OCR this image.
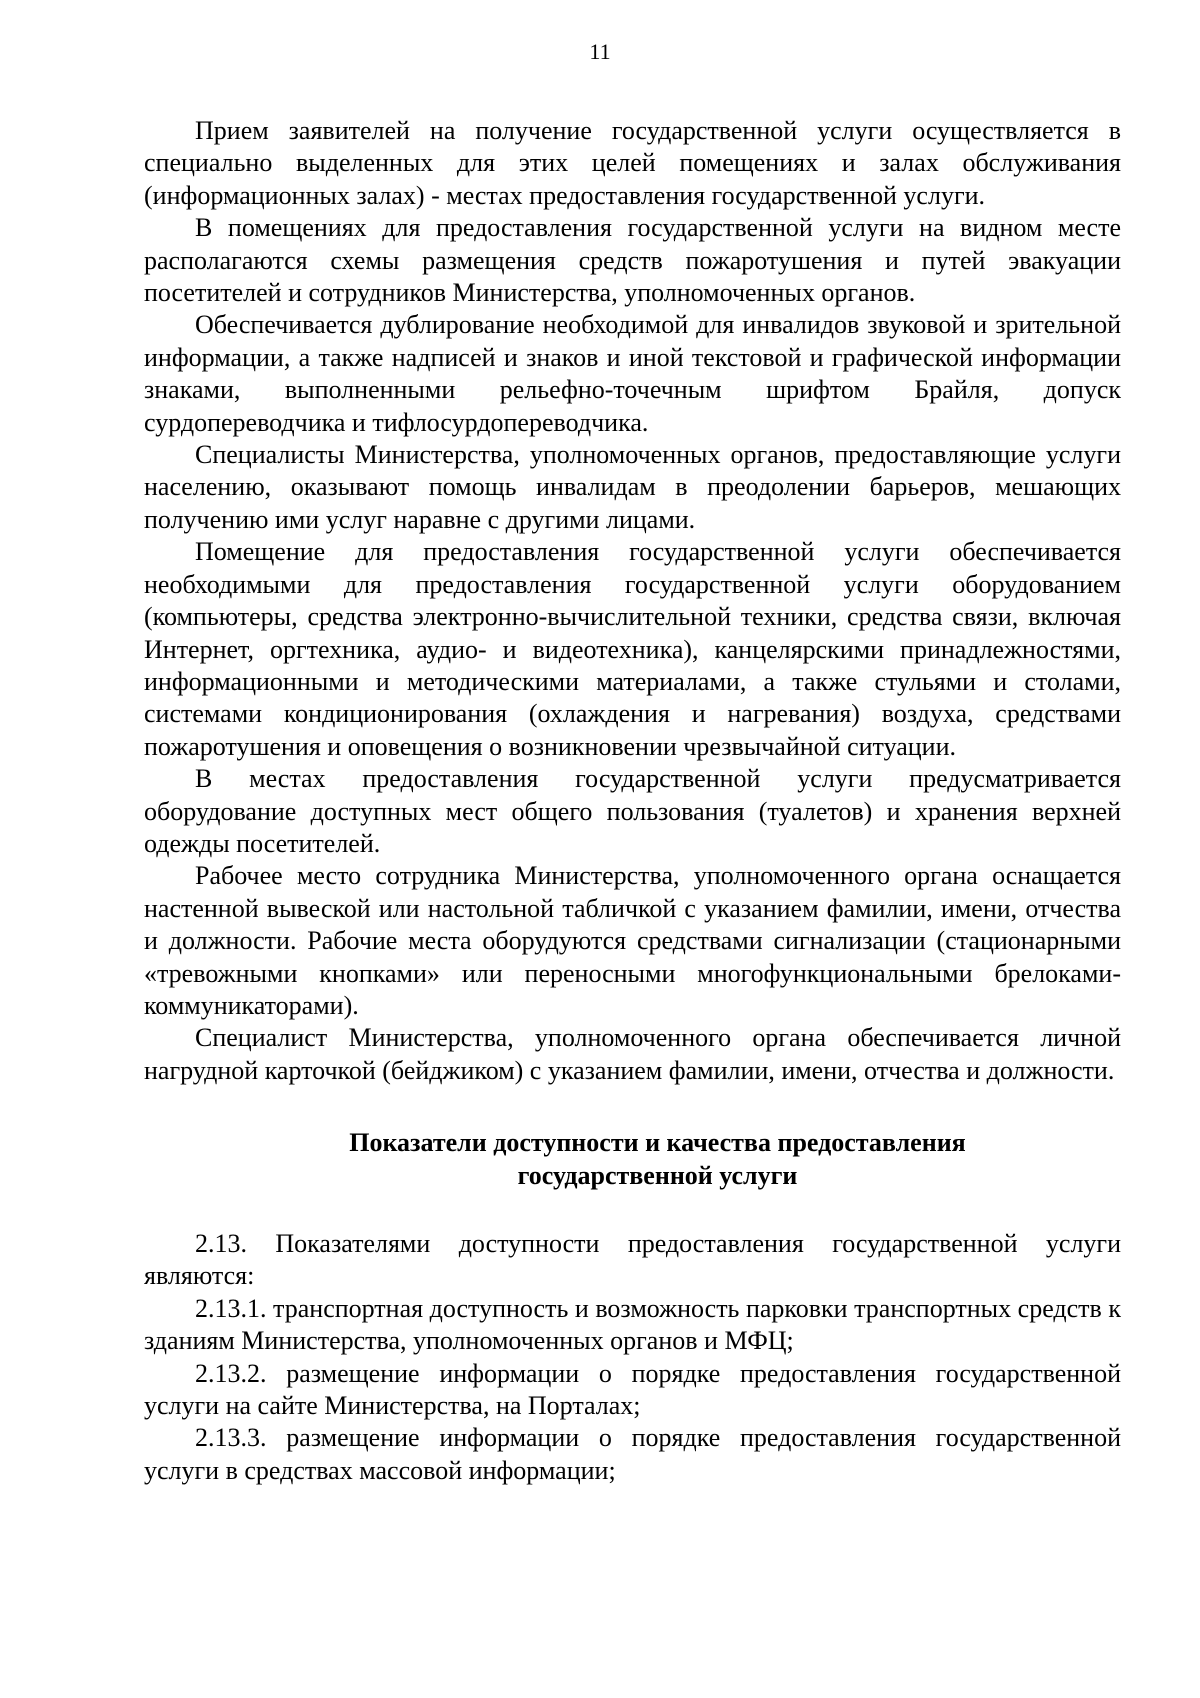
11

Прием заявителей на получение государственной услуги осуществляется в специально выделенных для этих целей помещениях и залах обслуживания (информационных залах) - местах предоставления государственной услуги.

В помещениях для предоставления государственной услуги на видном месте располагаются схемы размещения средств пожаротушения и путей эвакуации посетителей и сотрудников Министерства, уполномоченных органов.

Обеспечивается дублирование необходимой для инвалидов звуковой и зрительной информации, а также надписей и знаков и иной текстовой и графической информации знаками, выполненными рельефно-точечным шрифтом Брайля, допуск сурдопереводчика и тифлосурдопереводчика.

Специалисты Министерства, уполномоченных органов, предоставляющие услуги населению, оказывают помощь инвалидам в преодолении барьеров, мешающих получению ими услуг наравне с другими лицами.

Помещение для предоставления государственной услуги обеспечивается необходимыми для предоставления государственной услуги оборудованием (компьютеры, средства электронно-вычислительной техники, средства связи, включая Интернет, оргтехника, аудио- и видеотехника), канцелярскими принадлежностями, информационными и методическими материалами, а также стульями и столами, системами кондиционирования (охлаждения и нагревания) воздуха, средствами пожаротушения и оповещения о возникновении чрезвычайной ситуации.

В местах предоставления государственной услуги предусматривается оборудование доступных мест общего пользования (туалетов) и хранения верхней одежды посетителей.

Рабочее место сотрудника Министерства, уполномоченного органа оснащается настенной вывеской или настольной табличкой с указанием фамилии, имени, отчества и должности. Рабочие места оборудуются средствами сигнализации (стационарными «тревожными кнопками» или переносными многофункциональными брелоками-коммуникаторами).

Специалист Министерства, уполномоченного органа обеспечивается личной нагрудной карточкой (бейджиком) с указанием фамилии, имени, отчества и должности.

Показатели доступности и качества предоставления
государственной услуги

2.13. Показателями доступности предоставления государственной услуги являются:

2.13.1. транспортная доступность и возможность парковки транспортных средств к зданиям Министерства, уполномоченных органов и МФЦ;

2.13.2. размещение информации о порядке предоставления государственной услуги на сайте Министерства, на Порталах;

2.13.3. размещение информации о порядке предоставления государственной услуги в средствах массовой информации;
